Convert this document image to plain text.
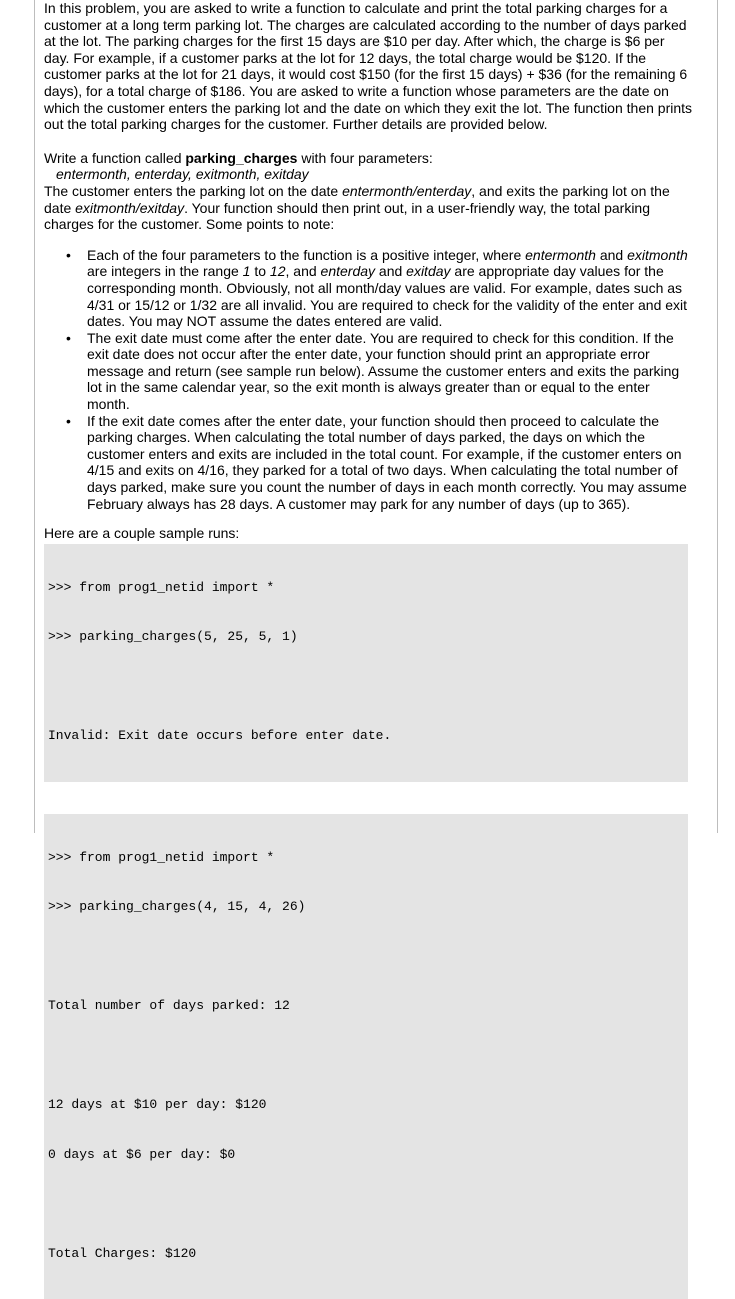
In this problem, you are asked to write a function to calculate and print the total parking charges for a customer at a long term parking lot. The charges are calculated according to the number of days parked at the lot. The parking charges for the first 15 days are $10 per day. After which, the charge is $6 per day. For example, if a customer parks at the lot for 12 days, the total charge would be $120. If the customer parks at the lot for 21 days, it would cost $150 (for the first 15 days) + $36 (for the remaining 6 days), for a total charge of $186. You are asked to write a function whose parameters are the date on which the customer enters the parking lot and the date on which they exit the lot. The function then prints out the total parking charges for the customer. Further details are provided below.

Write a function called parking_charges with four parameters:

entermonth, enterday, exitmonth, exitday

The customer enters the parking lot on the date entermonth/enterday, and exits the parking lot on the date exitmonth/exitday. Your function should then print out, in a user-friendly way, the total parking charges for the customer. Some points to note:

• Each of the four parameters to the function is a positive integer, where entermonth and exitmonth are integers in the range 1 to 12, and enterday and exitday are appropriate day values for the corresponding month. Obviously, not all month/day values are valid. For example, dates such as 4/31 or 15/12 or 1/32 are all invalid. You are required to check for the validity of the enter and exit dates. You may NOT assume the dates entered are valid.
• The exit date must come after the enter date. You are required to check for this condition. If the exit date does not occur after the enter date, your function should print an appropriate error message and return (see sample run below). Assume the customer enters and exits the parking lot in the same calendar year, so the exit month is always greater than or equal to the enter month.
• If the exit date comes after the enter date, your function should then proceed to calculate the parking charges. When calculating the total number of days parked, the days on which the customer enters and exits are included in the total count. For example, if the customer enters on 4/15 and exits on 4/16, they parked for a total of two days. When calculating the total number of days parked, make sure you count the number of days in each month correctly. You may assume February always has 28 days. A customer may park for any number of days (up to 365).

Here are a couple sample runs:

>>> from prog1_netid import *

>>> parking_charges(5, 25, 5, 1)

Invalid: Exit date occurs before enter date.

>>> from prog1_netid import *

>>> parking_charges(4, 15, 4, 26)

Total number of days parked: 12

12 days at $10 per day: $120

0 days at $6 per day: $0

Total Charges: $120
